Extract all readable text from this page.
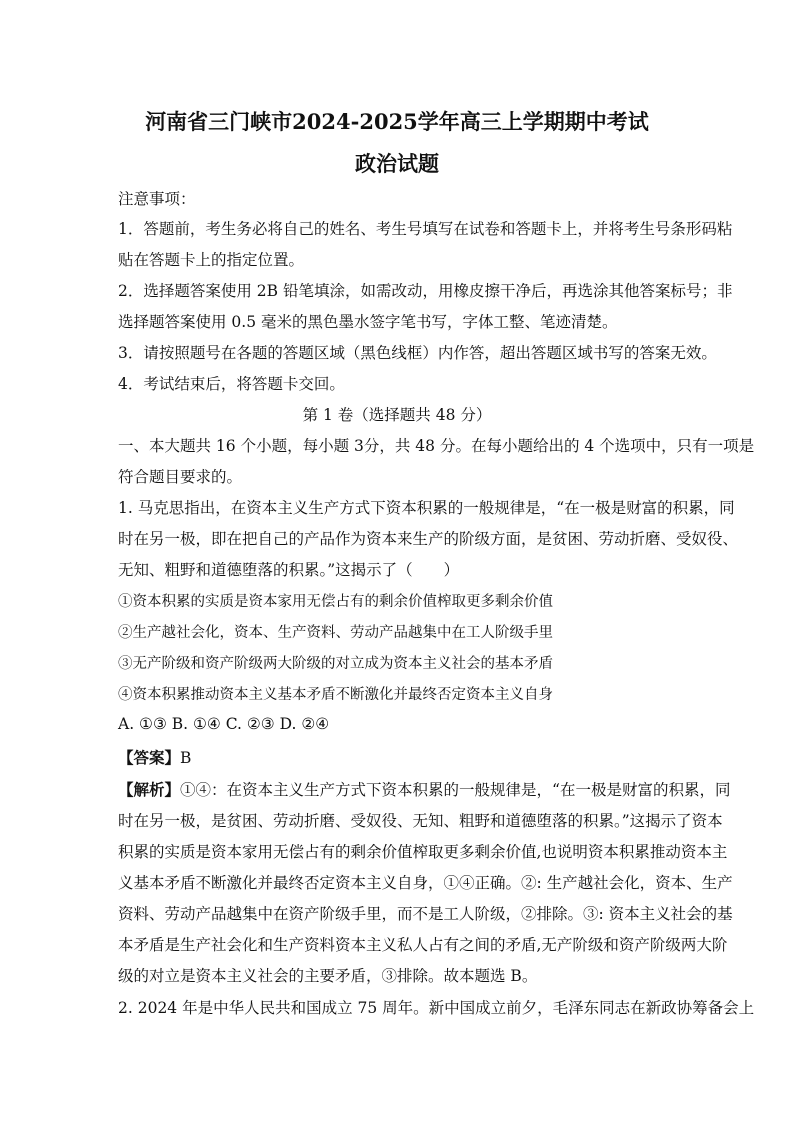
河南省三门峡市2024-2025学年高三上学期期中考试
政治试题
注意事项：
1．答题前，考生务必将自己的姓名、考生号填写在试卷和答题卡上，并将考生号条形码粘
贴在答题卡上的指定位置。
2．选择题答案使用 2B 铅笔填涂，如需改动，用橡皮擦干净后，再选涂其他答案标号；非
选择题答案使用 0.5 毫米的黑色墨水签字笔书写，字体工整、笔迹清楚。
3．请按照题号在各题的答题区域（黑色线框）内作答，超出答题区域书写的答案无效。
4．考试结束后，将答题卡交回。
第 1 卷（选择题共 48 分）
一、本大题共 16 个小题，每小题 3分，共 48 分。在每小题给出的 4 个选项中，只有一项是
符合题目要求的。
1. 马克思指出，在资本主义生产方式下资本积累的一般规律是，“在一极是财富的积累，同
时在另一极，即在把自己的产品作为资本来生产的阶级方面，是贫困、劳动折磨、受奴役、
无知、粗野和道德堕落的积累。”这揭示了（　　）
①资本积累的实质是资本家用无偿占有的剩余价值榨取更多剩余价值
②生产越社会化，资本、生产资料、劳动产品越集中在工人阶级手里
③无产阶级和资产阶级两大阶级的对立成为资本主义社会的基本矛盾
④资本积累推动资本主义基本矛盾不断激化并最终否定资本主义自身
A. ①③ B. ①④ C. ②③ D. ②④
【答案】B
【解析】①④：在资本主义生产方式下资本积累的一般规律是，“在一极是财富的积累，同
时在另一极，是贫困、劳动折磨、受奴役、无知、粗野和道德堕落的积累。”这揭示了资本
积累的实质是资本家用无偿占有的剩余价值榨取更多剩余价值,也说明资本积累推动资本主
义基本矛盾不断激化并最终否定资本主义自身，①④正确。②: 生产越社会化，资本、生产
资料、劳动产品越集中在资产阶级手里，而不是工人阶级，②排除。③: 资本主义社会的基
本矛盾是生产社会化和生产资料资本主义私人占有之间的矛盾,无产阶级和资产阶级两大阶
级的对立是资本主义社会的主要矛盾，③排除。故本题选 B。
2. 2024 年是中华人民共和国成立 75 周年。新中国成立前夕，毛泽东同志在新政协筹备会上
